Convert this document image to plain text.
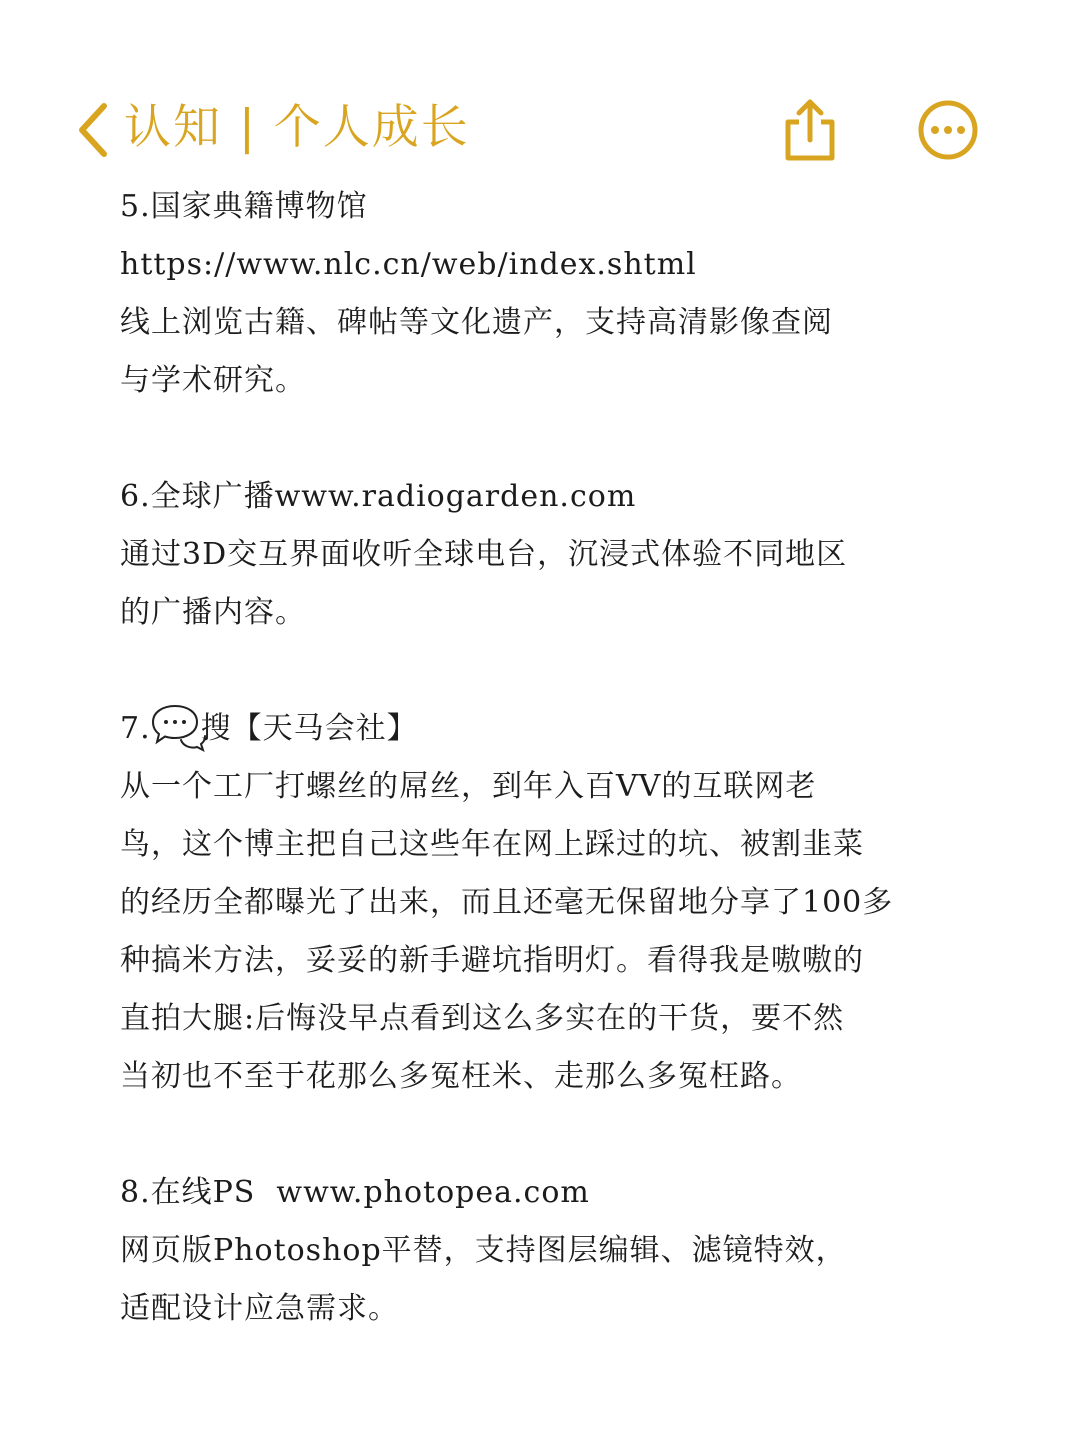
认知 | 个人成长

5.国家典籍博物馆

https://www.nlc.cn/web/index.shtml

线上浏览古籍、碑帖等文化遗产，支持高清影像查阅

与学术研究。

6.全球广播www.radiogarden.com

通过3D交互界面收听全球电台，沉浸式体验不同地区

的广播内容。

7. 搜【天马会社】

从一个工厂打螺丝的屌丝，到年入百VV的互联网老

鸟，这个博主把自己这些年在网上踩过的坑、被割韭菜

的经历全都曝光了出来，而且还毫无保留地分享了100多

种搞米方法，妥妥的新手避坑指明灯。看得我是嗷嗷的

直拍大腿:后悔没早点看到这么多实在的干货，要不然

当初也不至于花那么多冤枉米、走那么多冤枉路。

8.在线PS  www.photopea.com

网页版Photoshop平替，支持图层编辑、滤镜特效，

适配设计应急需求。
